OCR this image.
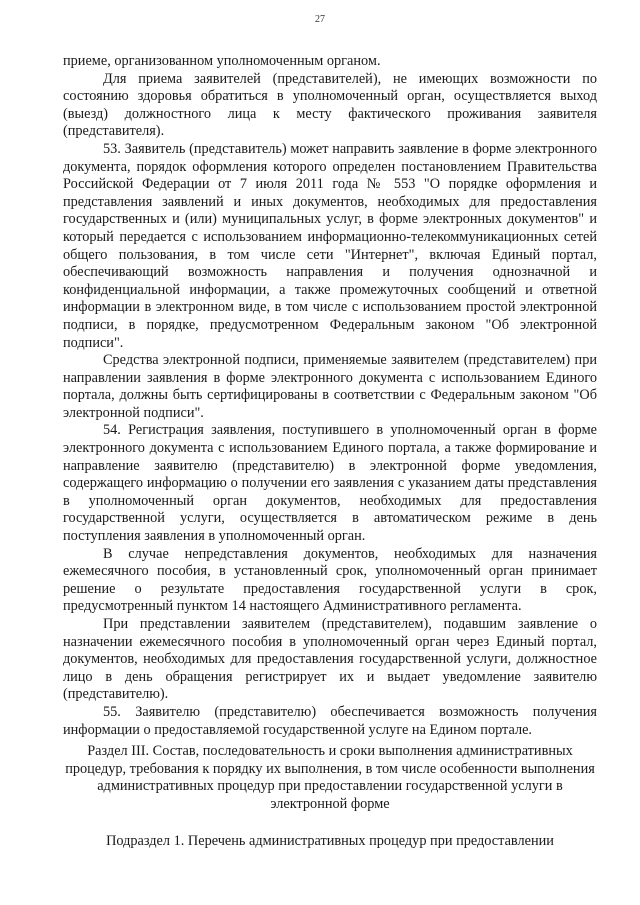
27

приеме, организованном уполномоченным органом.

Для приема заявителей (представителей), не имеющих возможности по состоянию здоровья обратиться в уполномоченный орган, осуществляется выход (выезд) должностного лица к месту фактического проживания заявителя (представителя).

53. Заявитель (представитель) может направить заявление в форме электронного документа, порядок оформления которого определен постановлением Правительства Российской Федерации от 7 июля 2011 года № 553 "О порядке оформления и представления заявлений и иных документов, необходимых для предоставления государственных и (или) муниципальных услуг, в форме электронных документов" и который передается с использованием информационно-телекоммуникационных сетей общего пользования, в том числе сети "Интернет", включая Единый портал, обеспечивающий возможность направления и получения однозначной и конфиденциальной информации, а также промежуточных сообщений и ответной информации в электронном виде, в том числе с использованием простой электронной подписи, в порядке, предусмотренном Федеральным законом "Об электронной подписи".

Средства электронной подписи, применяемые заявителем (представителем) при направлении заявления в форме электронного документа с использованием Единого портала, должны быть сертифицированы в соответствии с Федеральным законом "Об электронной подписи".

54. Регистрация заявления, поступившего в уполномоченный орган в форме электронного документа с использованием Единого портала, а также формирование и направление заявителю (представителю) в электронной форме уведомления, содержащего информацию о получении его заявления с указанием даты представления в уполномоченный орган документов, необходимых для предоставления государственной услуги, осуществляется в автоматическом режиме в день поступления заявления в уполномоченный орган.

В случае непредставления документов, необходимых для назначения ежемесячного пособия, в установленный срок, уполномоченный орган принимает решение о результате предоставления государственной услуги в срок, предусмотренный пунктом 14 настоящего Административного регламента.

При представлении заявителем (представителем), подавшим заявление о назначении ежемесячного пособия в уполномоченный орган через Единый портал, документов, необходимых для предоставления государственной услуги, должностное лицо в день обращения регистрирует их и выдает уведомление заявителю (представителю).

55. Заявителю (представителю) обеспечивается возможность получения информации о предоставляемой государственной услуге на Едином портале.

Раздел III. Состав, последовательность и сроки выполнения административных процедур, требования к порядку их выполнения, в том числе особенности выполнения административных процедур при предоставлении государственной услуги в электронной форме

Подраздел 1. Перечень административных процедур при предоставлении
